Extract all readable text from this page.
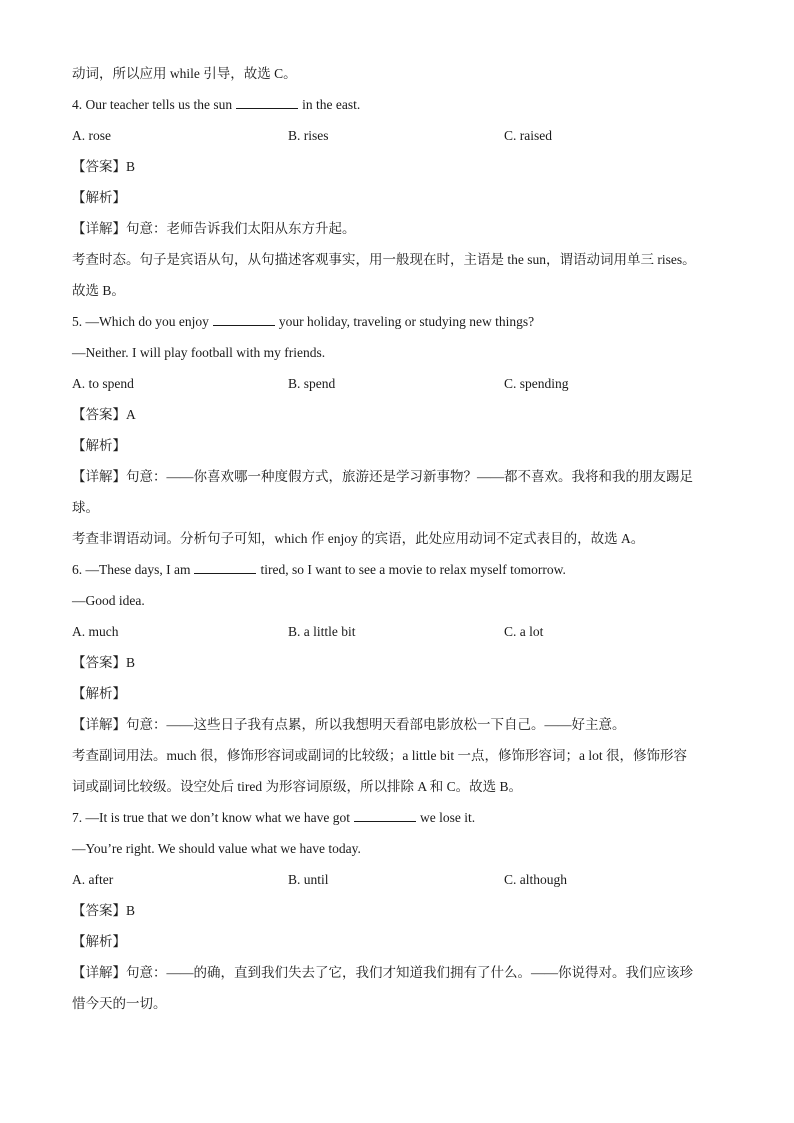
动词，所以应用 while 引导，故选 C。
4. Our teacher tells us the sun	in the east.
A. rose	B. rises	C. raised
【答案】B
【解析】
【详解】句意：老师告诉我们太阳从东方升起。
考查时态。句子是宾语从句，从句描述客观事实，用一般现在时，主语是 the sun，谓语动词用单三 rises。
故选 B。
5. —Which do you enjoy	your holiday, traveling or studying new things?
—Neither. I will play football with my friends.
A. to spend	B. spend	C. spending
【答案】A
【解析】
【详解】句意：——你喜欢哪一种度假方式，旅游还是学习新事物？——都不喜欢。我将和我的朋友踢足
球。
考查非谓语动词。分析句子可知，which 作 enjoy 的宾语，此处应用动词不定式表目的，故选 A。
6. —These days, I am	tired, so I want to see a movie to relax myself tomorrow.
—Good idea.
A. much	B. a little bit	C. a lot
【答案】B
【解析】
【详解】句意：——这些日子我有点累，所以我想明天看部电影放松一下自己。——好主意。
考查副词用法。much 很，修饰形容词或副词的比较级；a little bit 一点，修饰形容词；a lot 很，修饰形容
词或副词比较级。设空处后 tired 为形容词原级，所以排除 A 和 C。故选 B。
7. —It is true that we don’t know what we have got	we lose it.
—You’re right. We should value what we have today.
A. after	B. until	C. although
【答案】B
【解析】
【详解】句意：——的确，直到我们失去了它，我们才知道我们拥有了什么。——你说得对。我们应该珍
惜今天的一切。
